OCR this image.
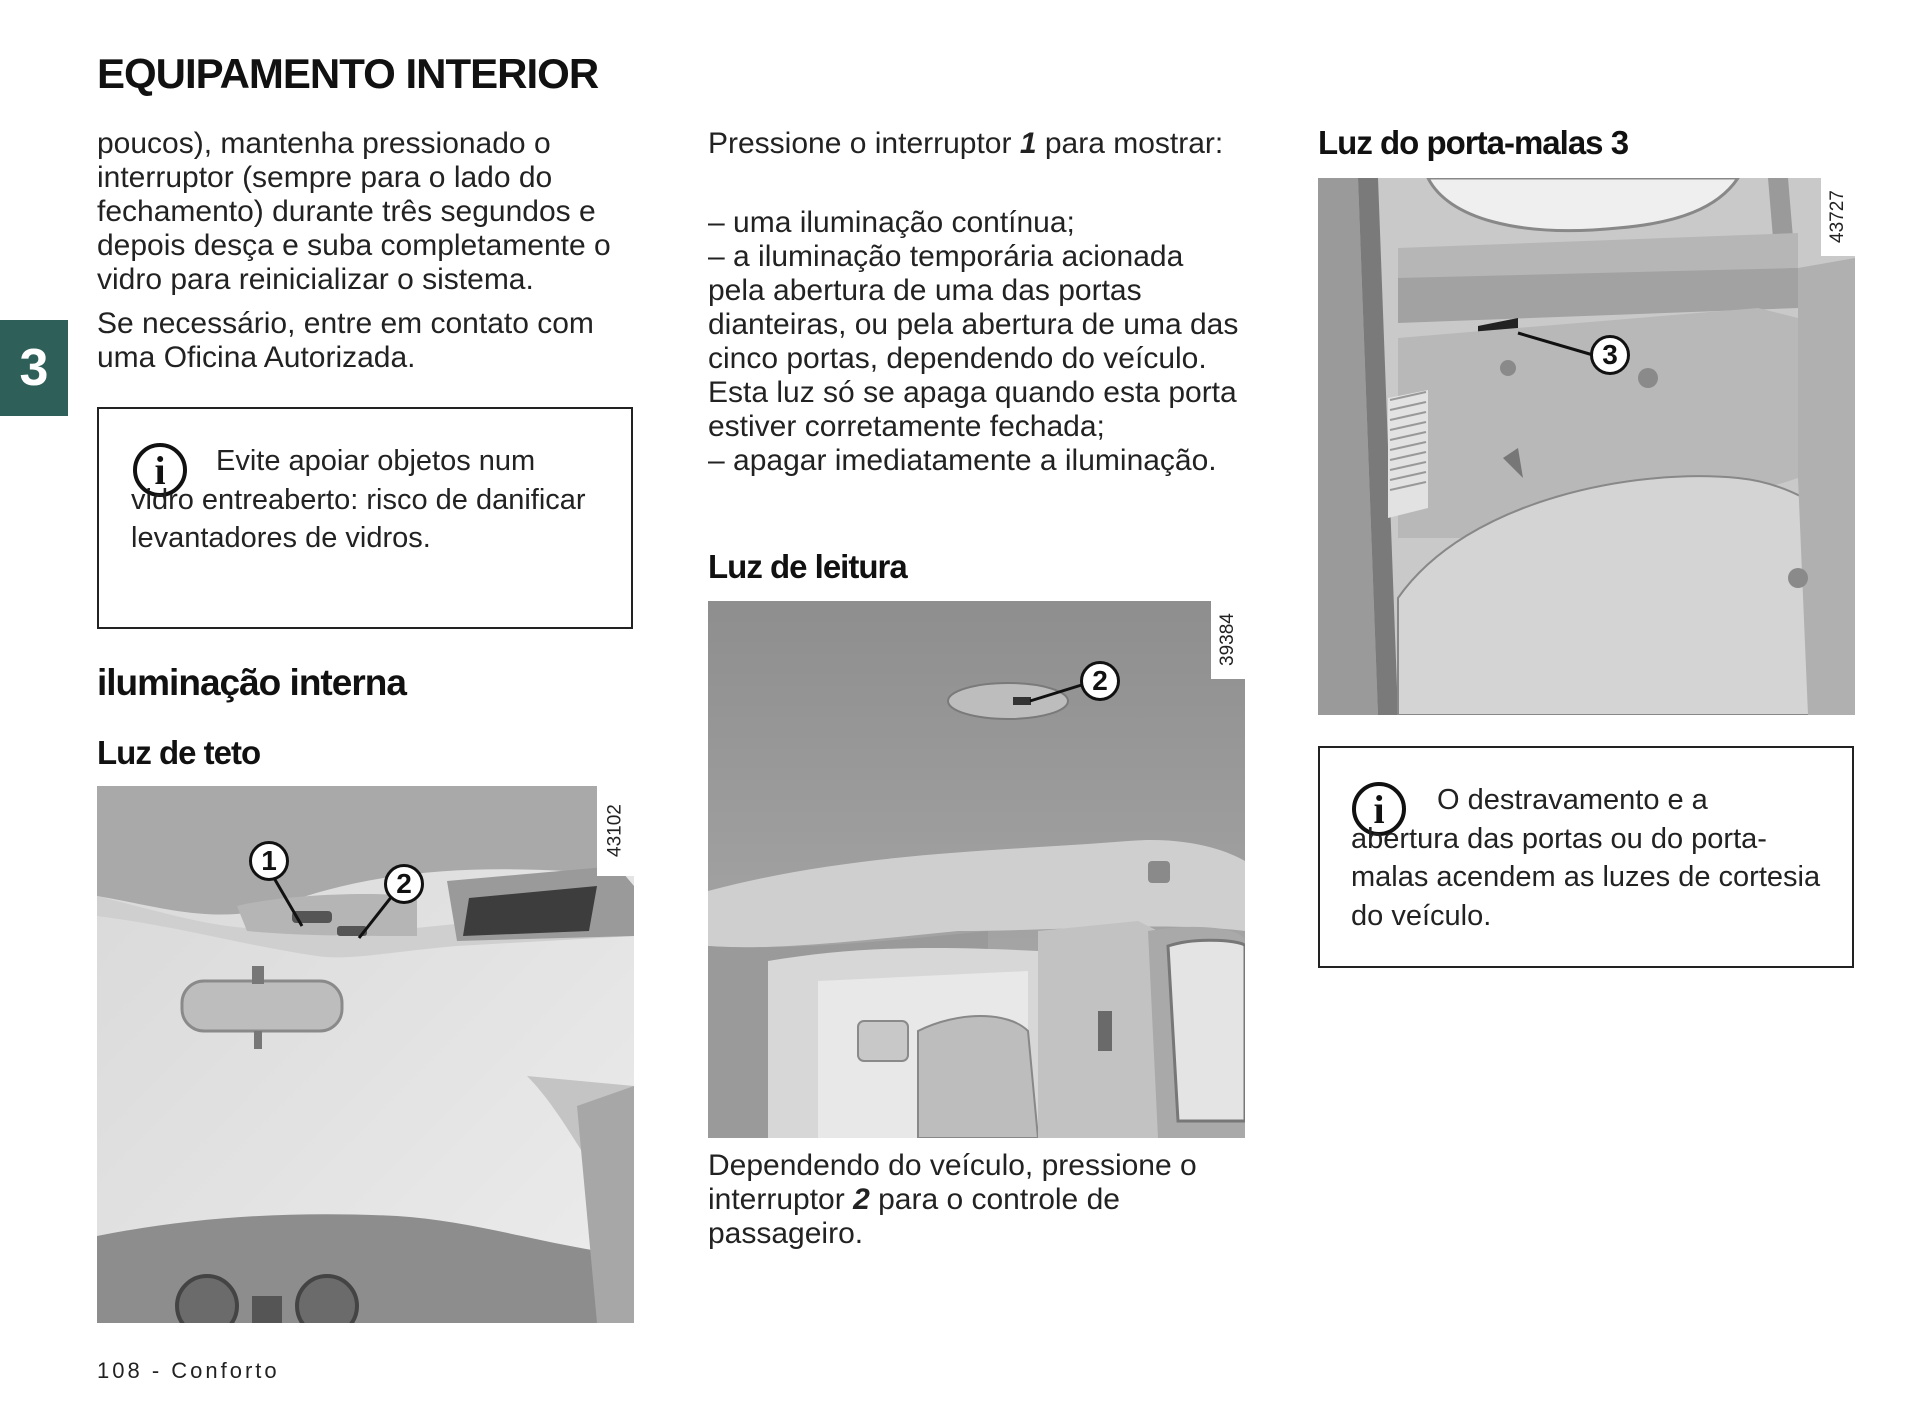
EQUIPAMENTO INTERIOR
3

poucos), mantenha pressionado o interruptor (sempre para o lado do fechamento) durante três segundos e depois desça e suba completamente o vidro para reinicializar o sistema.

Se necessário, entre em contato com uma Oficina Autorizada.

i	Evite apoiar objetos num vidro entreaberto: risco de danificar levantadores de vidros.

iluminação interna
Luz de teto
1
2
43102

Pressione o interruptor 1 para mostrar:

– uma iluminação contínua;
– a iluminação temporária acionada pela abertura de uma das portas dianteiras, ou pela abertura de uma das cinco portas, dependendo do veículo. Esta luz só se apaga quando esta porta estiver corretamente fechada;
– apagar imediatamente a iluminação.
Luz de leitura
2
39384

Dependendo do veículo, pressione o interruptor 2 para o controle de passageiro.

Luz do porta-malas 3
3
43727
i	O destravamento e a abertura das portas ou do porta-malas acendem as luzes de cortesia do veículo.

108 - Conforto
